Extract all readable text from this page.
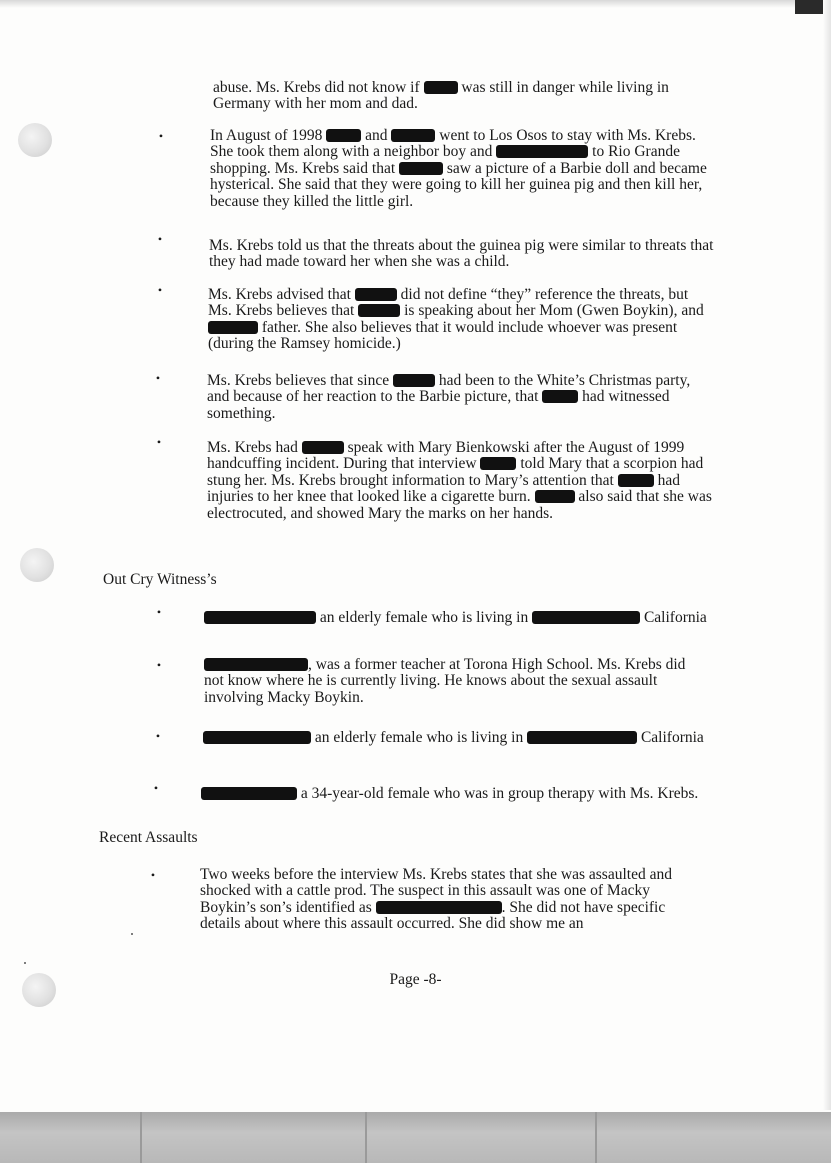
abuse. Ms. Krebs did not know if  was still in danger while living in Germany with her mom and dad.
•	In August of 1998  and	went to Los Osos to stay with Ms. Krebs. She took them along with a neighbor boy and	to Rio Grande shopping. Ms. Krebs said that	saw a picture of a Barbie doll and became hysterical. She said that they were going to kill her guinea pig and then kill her, because they killed the little girl.
•	Ms. Krebs told us that the threats about the guinea pig were similar to threats that they had made toward her when she was a child.
•	Ms. Krebs advised that	did not define “they” reference the threats, but Ms. Krebs believes that	is speaking about her Mom (Gwen Boykin), and  father. She also believes that it would include whoever was present (during the Ramsey homicide.)
•	Ms. Krebs believes that since	had been to the White’s Christmas party, and because of her reaction to the Barbie picture, that  had witnessed something.
•	Ms. Krebs had	speak with Mary Bienkowski after the August of 1999 handcuffing incident. During that interview  told Mary that a scorpion had stung her. Ms. Krebs brought information to Mary’s attention that  had injuries to her knee that looked like a cigarette burn.	also said that she was electrocuted, and showed Mary the marks on her hands.
Out Cry Witness’s
•	an elderly female who is living in	California
•	, was a former teacher at Torona High School. Ms. Krebs did not know where he is currently living. He knows about the sexual assault involving Macky Boykin.
•	an elderly female who is living in	California
•	a 34-year-old female who was in group therapy with Ms. Krebs.
Recent Assaults
•	Two weeks before the interview Ms. Krebs states that she was assaulted and shocked with a cattle prod. The suspect in this assault was one of Macky Boykin’s son’s identified as	. She did not have specific details about where this assault occurred. She did show me an
Page -8-
